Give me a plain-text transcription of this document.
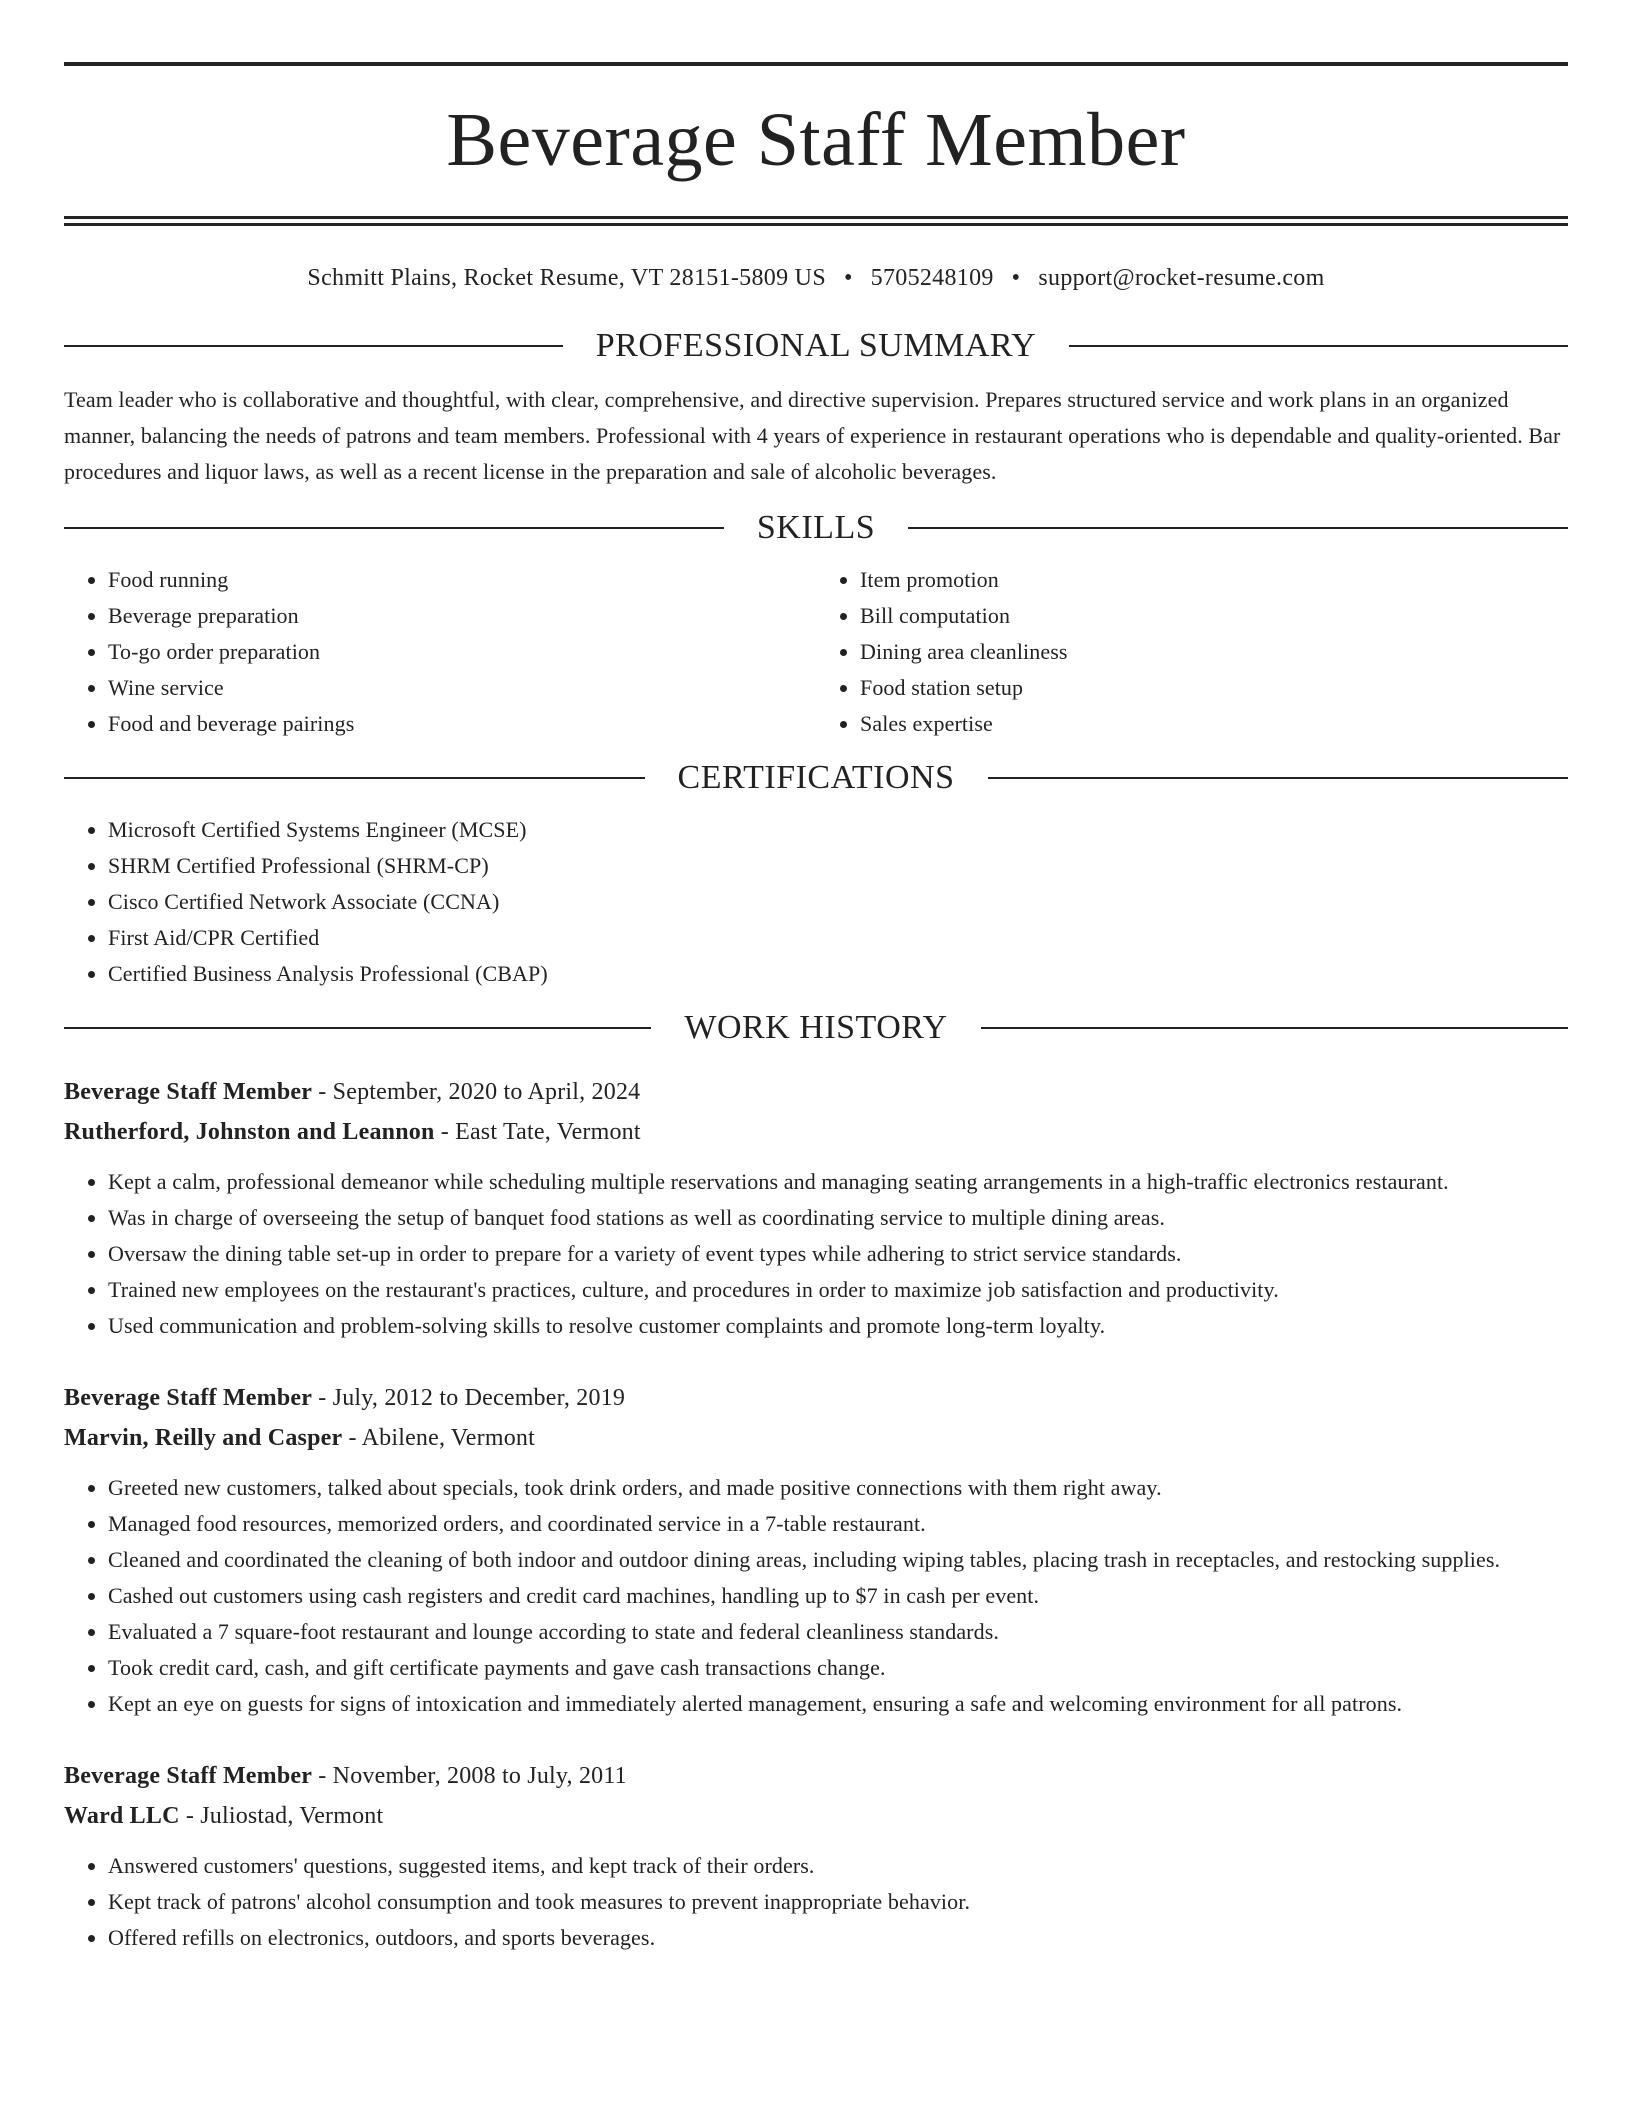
Beverage Staff Member
Schmitt Plains, Rocket Resume, VT 28151-5809 US • 5705248109 • support@rocket-resume.com
PROFESSIONAL SUMMARY

Team leader who is collaborative and thoughtful, with clear, comprehensive, and directive supervision. Prepares structured service and work plans in an organized manner, balancing the needs of patrons and team members. Professional with 4 years of experience in restaurant operations who is dependable and quality-oriented. Bar procedures and liquor laws, as well as a recent license in the preparation and sale of alcoholic beverages.

SKILLS
• Food running
• Beverage preparation
• To-go order preparation
• Wine service
• Food and beverage pairings
• Item promotion
• Bill computation
• Dining area cleanliness
• Food station setup
• Sales expertise
CERTIFICATIONS
• Microsoft Certified Systems Engineer (MCSE)
• SHRM Certified Professional (SHRM-CP)
• Cisco Certified Network Associate (CCNA)
• First Aid/CPR Certified
• Certified Business Analysis Professional (CBAP)
WORK HISTORY
Beverage Staff Member - September, 2020 to April, 2024
Rutherford, Johnston and Leannon - East Tate, Vermont
• Kept a calm, professional demeanor while scheduling multiple reservations and managing seating arrangements in a high-traffic electronics restaurant.
• Was in charge of overseeing the setup of banquet food stations as well as coordinating service to multiple dining areas.
• Oversaw the dining table set-up in order to prepare for a variety of event types while adhering to strict service standards.
• Trained new employees on the restaurant's practices, culture, and procedures in order to maximize job satisfaction and productivity.
• Used communication and problem-solving skills to resolve customer complaints and promote long-term loyalty.
Beverage Staff Member - July, 2012 to December, 2019
Marvin, Reilly and Casper - Abilene, Vermont
• Greeted new customers, talked about specials, took drink orders, and made positive connections with them right away.
• Managed food resources, memorized orders, and coordinated service in a 7-table restaurant.
• Cleaned and coordinated the cleaning of both indoor and outdoor dining areas, including wiping tables, placing trash in receptacles, and restocking supplies.
• Cashed out customers using cash registers and credit card machines, handling up to $7 in cash per event.
• Evaluated a 7 square-foot restaurant and lounge according to state and federal cleanliness standards.
• Took credit card, cash, and gift certificate payments and gave cash transactions change.
• Kept an eye on guests for signs of intoxication and immediately alerted management, ensuring a safe and welcoming environment for all patrons.
Beverage Staff Member - November, 2008 to July, 2011
Ward LLC - Juliostad, Vermont
• Answered customers' questions, suggested items, and kept track of their orders.
• Kept track of patrons' alcohol consumption and took measures to prevent inappropriate behavior.
• Offered refills on electronics, outdoors, and sports beverages.
